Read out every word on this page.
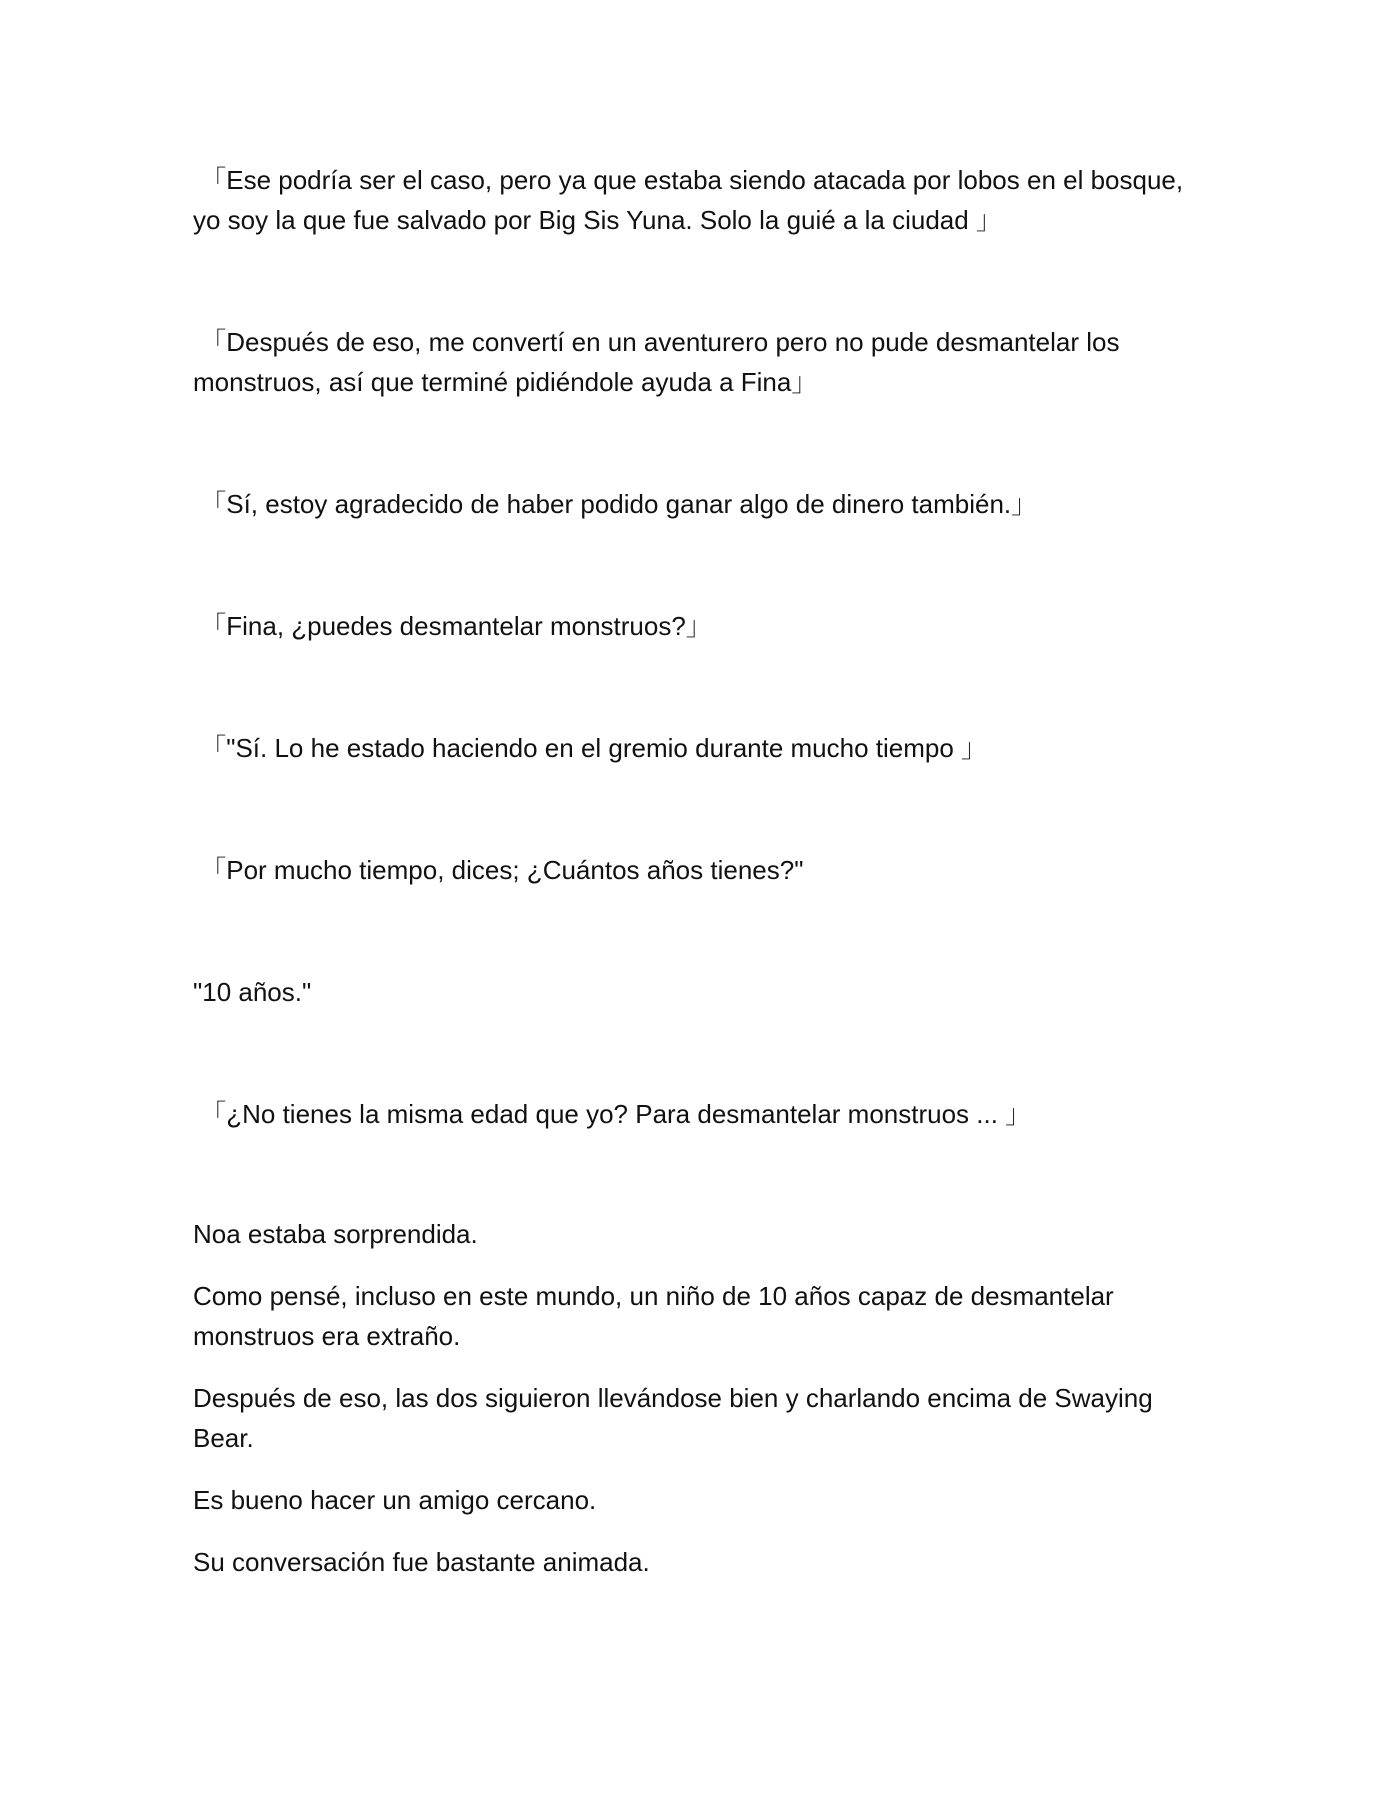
「Ese podría ser el caso, pero ya que estaba siendo atacada por lobos en el bosque, yo soy la que fue salvado por Big Sis Yuna. Solo la guié a la ciudad 」

「Después de eso, me convertí en un aventurero pero no pude desmantelar los monstruos, así que terminé pidiéndole ayuda a Fina」

「Sí, estoy agradecido de haber podido ganar algo de dinero también.」

「Fina, ¿puedes desmantelar monstruos?」

「"Sí. Lo he estado haciendo en el gremio durante mucho tiempo 」

「Por mucho tiempo, dices; ¿Cuántos años tienes?"

"10 años."

「¿No tienes la misma edad que yo? Para desmantelar monstruos ... 」

Noa estaba sorprendida.

Como pensé, incluso en este mundo, un niño de 10 años capaz de desmantelar monstruos era extraño.

Después de eso, las dos siguieron llevándose bien y charlando encima de Swaying Bear.

Es bueno hacer un amigo cercano.

Su conversación fue bastante animada.
